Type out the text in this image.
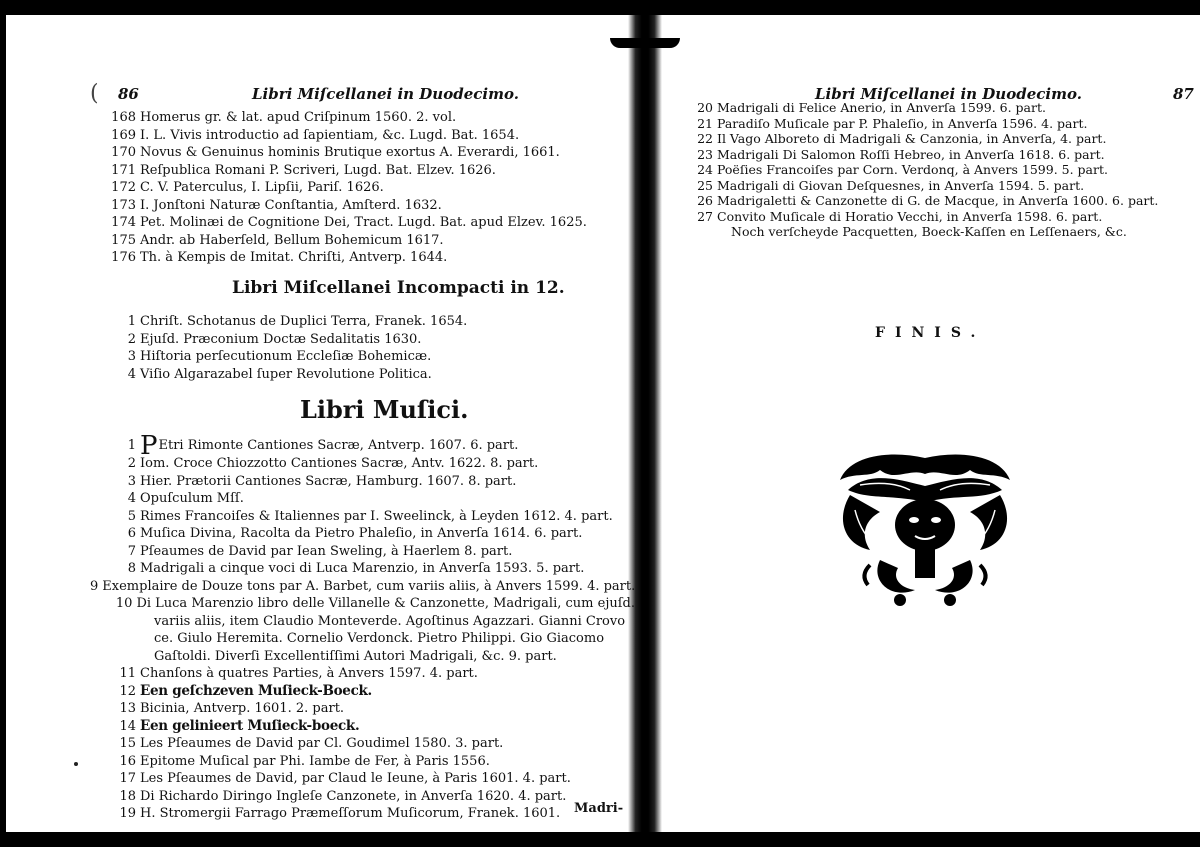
( 86	Libri Miſcellanei in Duodecimo.
168 Homerus gr. & lat. apud Criſpinum 1560. 2. vol.
169 I. L. Vivis introductio ad ſapientiam, &c. Lugd. Bat. 1654.
170 Novus & Genuinus hominis Brutique exortus A. Everardi, 1661.
171 Reſpublica Romani P. Scriveri, Lugd. Bat. Elzev. 1626.
172 C. V. Paterculus, I. Lipſii, Pariſ. 1626.
173 I. Jonſtoni Naturæ Conſtantia, Amſterd. 1632.
174 Pet. Molinæi de Cognitione Dei, Tract. Lugd. Bat. apud Elzev. 1625.
175 Andr. ab Haberſeld, Bellum Bohemicum 1617.
176 Th. à Kempis de Imitat. Chriſti, Antverp. 1644.
Libri Miſcellanei Incompacti in 12.
1 Chriſt. Schotanus de Duplici Terra, Franek. 1654.
2 Ejuſd. Præconium Doctæ Sedalitatis 1630.
3 Hiſtoria perſecutionum Eccleſiæ Bohemicæ.
4 Viſio Algarazabel ſuper Revolutione Politica.
Libri Muſici.
1 PEtri Rimonte Cantiones Sacræ, Antverp. 1607. 6. part.
2 Iom. Croce Chiozzotto Cantiones Sacræ, Antv. 1622. 8. part.
3 Hier. Prætorii Cantiones Sacræ, Hamburg. 1607. 8. part.
4 Opuſculum Mſſ.
5 Rimes Francoiſes & Italiennes par I. Sweelinck, à Leyden 1612. 4. part.
6 Muſica Divina, Racolta da Pietro Phaleſio, in Anverſa 1614. 6. part.
7 Pſeaumes de David par Iean Sweling, à Haerlem 8. part.
8 Madrigali a cinque voci di Luca Marenzio, in Anverſa 1593. 5. part.
9 Exemplaire de Douze tons par A. Barbet, cum variis aliis, à Anvers 1599. 4. part.
10 Di Luca Marenzio libro delle Villanelle & Canzonette, Madrigali, cum ejuſd.
variis aliis, item Claudio Monteverde. Agoſtinus Agazzari. Gianni Crovo
ce. Giulo Heremita. Cornelio Verdonck. Pietro Philippi. Gio Giacomo
Gaſtoldi. Diverſi Excellentiſſimi Autori Madrigali, &c. 9. part.
11 Chanſons à quatres Parties, à Anvers 1597. 4. part.
12 Een geſchzeven Muſieck-Boeck.
13 Bicinia, Antverp. 1601. 2. part.
14 Een gelinieert Muſieck-boeck.
15 Les Pſeaumes de David par Cl. Goudimel 1580. 3. part.
16 Epitome Muſical par Phi. Iambe de Fer, à Paris 1556.
17 Les Pſeaumes de David, par Claud le Ieune, à Paris 1601. 4. part.
18 Di Richardo Diringo Ingleſe Canzonete, in Anverſa 1620. 4. part.
19 H. Stromergii Farrago Præmeſſorum Muſicorum, Franek. 1601. Madri-
Libri Miſcellanei in Duodecimo.	87
20 Madrigali di Felice Anerio, in Anverſa 1599. 6. part.
21 Paradiſo Muſicale par P. Phaleſio, in Anverſa 1596. 4. part.
22 Il Vago Alboreto di Madrigali & Canzonia, in Anverſa, 4. part.
23 Madrigali Di Salomon Roſſi Hebreo, in Anverſa 1618. 6. part.
24 Poëſies Francoiſes par Corn. Verdonq, à Anvers 1599. 5. part.
25 Madrigali di Giovan Deſquesnes, in Anverſa 1594. 5. part.
26 Madrigaletti & Canzonette di G. de Macque, in Anverſa 1600. 6. part.
27 Convito Muſicale di Horatio Vecchi, in Anverſa 1598. 6. part.
Noch verſcheyde Pacquetten, Boeck-Kaſſen en Leſſenaers, &c.
FINIS.
